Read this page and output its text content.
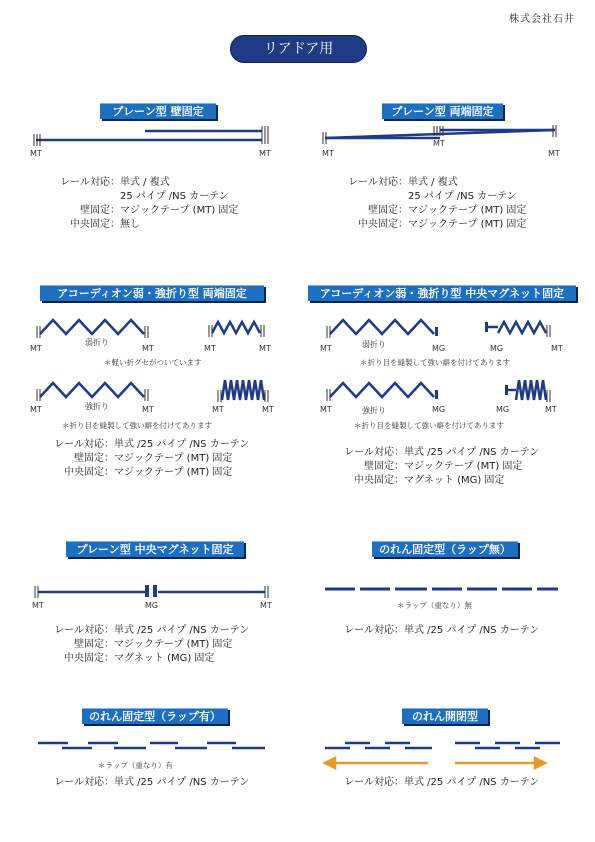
株式会社石井
リアドア用
プレーン型 壁固定
MT	MT
レール対応：単式 / 複式
25 パイプ /NS カーテン
壁固定：マジックテープ (MT) 固定
中央固定：無し
プレーン型 両端固定
MT
MT
MT
レール対応：単式 / 複式
25 パイプ /NS カーテン
壁固定：マジックテープ (MT) 固定
中央固定：マジックテープ (MT) 固定
アコーディオン弱・強折り型 両端固定
MT
弱折り
MT	MT	MT
＊軽い折グセがついています
MT	強折り	MT	MT	MT
＊折り目を縫製して強い癖を付けてあります
レール対応：単式 /25 パイプ /NS カーテン
壁固定：マジックテープ (MT) 固定
中央固定：マジックテープ (MT) 固定
アコーディオン弱・強折り型 中央マグネット固定
MT	弱折り	MG	MG	MT
＊折り目を縫製して強い癖を付けてあります
MT	強折り	MG	MG	MT
＊折り目を縫製して強い癖を付けてあります
レール対応：単式 /25 パイプ /NS カーテン
壁固定：マジックテープ (MT) 固定
中央固定：マグネット (MG) 固定
プレーン型 中央マグネット固定
MT	MG	MT
レール対応：単式 /25 パイプ /NS カーテン
壁固定：マジックテープ (MT) 固定
中央固定：マグネット (MG) 固定
のれん固定型（ラップ無）
＊ラップ（重なり）無
レール対応：単式 /25 パイプ /NS カーテン
のれん固定型（ラップ有）
＊ラップ（重なり）有
レール対応：単式 /25 パイプ /NS カーテン
のれん開閉型
レール対応：単式 /25 パイプ /NS カーテン
